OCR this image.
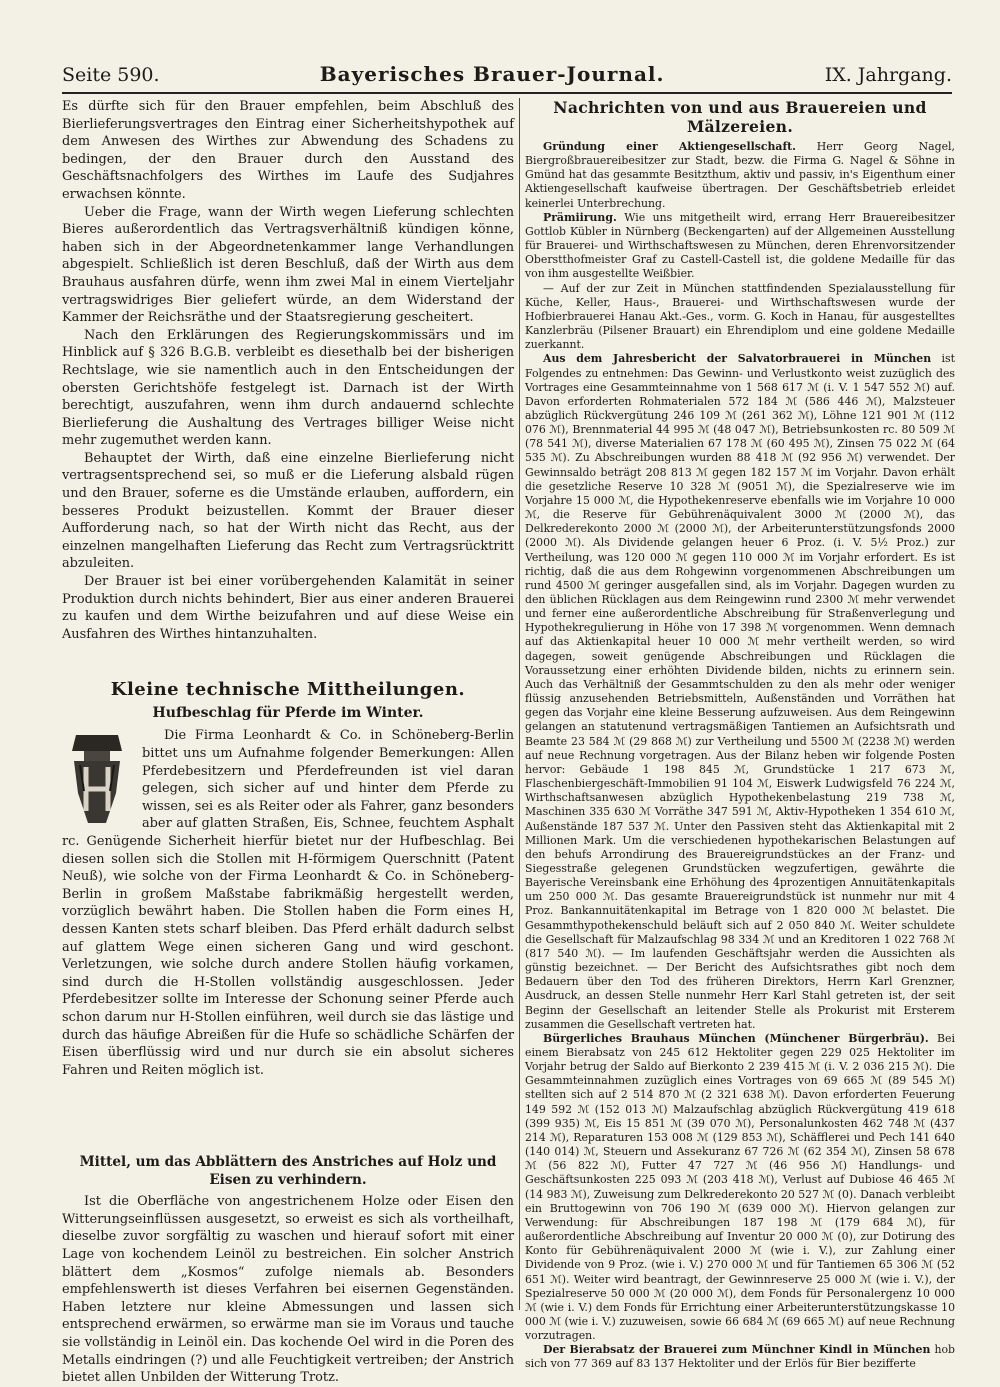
Seite 590.	Bayerisches Brauer-Journal.	IX. Jahrgang.

Es dürfte sich für den Brauer empfehlen, beim Abschluß des Bierlieferungsvertrages den Eintrag einer Sicherheitshypothek auf dem Anwesen des Wirthes zur Abwendung des Schadens zu bedingen, der den Brauer durch den Ausstand des Geschäftsnachfolgers des Wirthes im Laufe des Sudjahres erwachsen könnte.

Ueber die Frage, wann der Wirth wegen Lieferung schlechten Bieres außerordentlich das Vertragsverhältniß kündigen könne, haben sich in der Abgeordnetenkammer lange Verhandlungen abgespielt. Schließlich ist deren Beschluß, daß der Wirth aus dem Brauhaus ausfahren dürfe, wenn ihm zwei Mal in einem Vierteljahr vertragswidriges Bier geliefert würde, an dem Widerstand der Kammer der Reichsräthe und der Staatsregierung gescheitert.

Nach den Erklärungen des Regierungskommissärs und im Hinblick auf § 326 B.G.B. verbleibt es diesethalb bei der bisherigen Rechtslage, wie sie namentlich auch in den Entscheidungen der obersten Gerichtshöfe festgelegt ist. Darnach ist der Wirth berechtigt, auszufahren, wenn ihm durch andauernd schlechte Bierlieferung die Aushaltung des Vertrages billiger Weise nicht mehr zugemuthet werden kann.

Behauptet der Wirth, daß eine einzelne Bierlieferung nicht vertragsentsprechend sei, so muß er die Lieferung alsbald rügen und den Brauer, soferne es die Umstände erlauben, auffordern, ein besseres Produkt beizustellen. Kommt der Brauer dieser Aufforderung nach, so hat der Wirth nicht das Recht, aus der einzelnen mangelhaften Lieferung das Recht zum Vertragsrücktritt abzuleiten.

Der Brauer ist bei einer vorübergehenden Kalamität in seiner Produktion durch nichts behindert, Bier aus einer anderen Brauerei zu kaufen und dem Wirthe beizufahren und auf diese Weise ein Ausfahren des Wirthes hintanzuhalten.

Kleine technische Mittheilungen.
Hufbeschlag für Pferde im Winter.

Die Firma Leonhardt & Co. in Schöneberg-Berlin bittet uns um Aufnahme folgender Bemerkungen: Allen Pferdebesitzern und Pferdefreunden ist viel daran gelegen, sich sicher auf und hinter dem Pferde zu wissen, sei es als Reiter oder als Fahrer, ganz besonders aber auf glatten Straßen, Eis, Schnee, feuchtem Asphalt rc. Genügende Sicherheit hierfür bietet nur der Hufbeschlag. Bei diesen sollen sich die Stollen mit H-förmigem Querschnitt (Patent Neuß), wie solche von der Firma Leonhardt & Co. in Schöneberg-Berlin in großem Maßstabe fabrikmäßig hergestellt werden, vorzüglich bewährt haben. Die Stollen haben die Form eines H, dessen Kanten stets scharf bleiben. Das Pferd erhält dadurch selbst auf glattem Wege einen sicheren Gang und wird geschont. Verletzungen, wie solche durch andere Stollen häufig vorkamen, sind durch die H-Stollen vollständig ausgeschlossen. Jeder Pferdebesitzer sollte im Interesse der Schonung seiner Pferde auch schon darum nur H-Stollen einführen, weil durch sie das lästige und durch das häufige Abreißen für die Hufe so schädliche Schärfen der Eisen überflüssig wird und nur durch sie ein absolut sicheres Fahren und Reiten möglich ist.

Mittel, um das Abblättern des Anstriches auf Holz und Eisen zu verhindern.

Ist die Oberfläche von angestrichenem Holze oder Eisen den Witterungseinflüssen ausgesetzt, so erweist es sich als vortheilhaft, dieselbe zuvor sorgfältig zu waschen und hierauf sofort mit einer Lage von kochendem Leinöl zu bestreichen. Ein solcher Anstrich blättert dem „Kosmos“ zufolge niemals ab. Besonders empfehlenswerth ist dieses Verfahren bei eisernen Gegenständen. Haben letztere nur kleine Abmessungen und lassen sich entsprechend erwärmen, so erwärme man sie im Voraus und tauche sie vollständig in Leinöl ein. Das kochende Oel wird in die Poren des Metalls eindringen (?) und alle Feuchtigkeit vertreiben; der Anstrich bietet allen Unbilden der Witterung Trotz.

Nachrichten von und aus Brauereien und Mälzereien.

Gründung einer Aktiengesellschaft. Herr Georg Nagel, Biergroßbrauereibesitzer zur Stadt, bezw. die Firma G. Nagel & Söhne in Gmünd hat das gesammte Besitzthum, aktiv und passiv, in's Eigenthum einer Aktiengesellschaft kaufweise übertragen. Der Geschäftsbetrieb erleidet keinerlei Unterbrechung.

Prämiirung. Wie uns mitgetheilt wird, errang Herr Brauereibesitzer Gottlob Kübler in Nürnberg (Beckengarten) auf der Allgemeinen Ausstellung für Brauerei- und Wirthschaftswesen zu München, deren Ehrenvorsitzender Oberstthofmeister Graf zu Castell-Castell ist, die goldene Medaille für das von ihm ausgestellte Weißbier.

— Auf der zur Zeit in München stattfindenden Spezialausstellung für Küche, Keller, Haus-, Brauerei- und Wirthschaftswesen wurde der Hofbierbrauerei Hanau Akt.-Ges., vorm. G. Koch in Hanau, für ausgestelltes Kanzlerbräu (Pilsener Brauart) ein Ehrendiplom und eine goldene Medaille zuerkannt.

Aus dem Jahresbericht der Salvatorbrauerei in München ist Folgendes zu entnehmen: Das Gewinn- und Verlustkonto weist zuzüglich des Vortrages eine Gesammteinnahme von 1 568 617 ℳ (i. V. 1 547 552 ℳ) auf. Davon erforderten Rohmaterialen 572 184 ℳ (586 446 ℳ), Malzsteuer abzüglich Rückvergütung 246 109 ℳ (261 362 ℳ), Löhne 121 901 ℳ (112 076 ℳ), Brennmaterial 44 995 ℳ (48 047 ℳ), Betriebsunkosten rc. 80 509 ℳ (78 541 ℳ), diverse Materialien 67 178 ℳ (60 495 ℳ), Zinsen 75 022 ℳ (64 535 ℳ). Zu Abschreibungen wurden 88 418 ℳ (92 956 ℳ) verwendet. Der Gewinnsaldo beträgt 208 813 ℳ gegen 182 157 ℳ im Vorjahr. Davon erhält die gesetzliche Reserve 10 328 ℳ (9051 ℳ), die Spezialreserve wie im Vorjahre 15 000 ℳ, die Hypothekenreserve ebenfalls wie im Vorjahre 10 000 ℳ, die Reserve für Gebührenäquivalent 3000 ℳ (2000 ℳ), das Delkrederekonto 2000 ℳ (2000 ℳ), der Arbeiterunterstützungsfonds 2000 (2000 ℳ). Als Dividende gelangen heuer 6 Proz. (i. V. 5½ Proz.) zur Vertheilung, was 120 000 ℳ gegen 110 000 ℳ im Vorjahr erfordert. Es ist richtig, daß die aus dem Rohgewinn vorgenommenen Abschreibungen um rund 4500 ℳ geringer ausgefallen sind, als im Vorjahr. Dagegen wurden zu den üblichen Rücklagen aus dem Reingewinn rund 2300 ℳ mehr verwendet und ferner eine außerordentliche Abschreibung für Straßenverlegung und Hypothekregulierung in Höhe von 17 398 ℳ vorgenommen. Wenn demnach auf das Aktienkapital heuer 10 000 ℳ mehr vertheilt werden, so wird dagegen, soweit genügende Abschreibungen und Rücklagen die Voraussetzung einer erhöhten Dividende bilden, nichts zu erinnern sein. Auch das Verhältniß der Gesammtschulden zu den als mehr oder weniger flüssig anzusehenden Betriebsmitteln, Außenständen und Vorräthen hat gegen das Vorjahr eine kleine Besserung aufzuweisen. Aus dem Reingewinn gelangen an statutenund vertragsmäßigen Tantiemen an Aufsichtsrath und Beamte 23 584 ℳ (29 868 ℳ) zur Vertheilung und 5500 ℳ (2238 ℳ) werden auf neue Rechnung vorgetragen. Aus der Bilanz heben wir folgende Posten hervor: Gebäude 1 198 845 ℳ, Grundstücke 1 217 673 ℳ, Flaschenbiergeschäft-Immobilien 91 104 ℳ, Eiswerk Ludwigsfeld 76 224 ℳ, Wirthschaftsanwesen abzüglich Hypothekenbelastung 219 738 ℳ, Maschinen 335 630 ℳ Vorräthe 347 591 ℳ, Aktiv-Hypotheken 1 354 610 ℳ, Außenstände 187 537 ℳ. Unter den Passiven steht das Aktienkapital mit 2 Millionen Mark. Um die verschiedenen hypothekarischen Belastungen auf den behufs Arrondirung des Brauereigrundstückes an der Franz- und Siegesstraße gelegenen Grundstücken wegzufertigen, gewährte die Bayerische Vereinsbank eine Erhöhung des 4prozentigen Annuitätenkapitals um 250 000 ℳ. Das gesamte Brauereigrundstück ist nunmehr nur mit 4 Proz. Bankannuitätenkapital im Betrage von 1 820 000 ℳ belastet. Die Gesammthypothekenschuld beläuft sich auf 2 050 840 ℳ. Weiter schuldete die Gesellschaft für Malzaufschlag 98 334 ℳ und an Kreditoren 1 022 768 ℳ (817 540 ℳ). — Im laufenden Geschäftsjahr werden die Aussichten als günstig bezeichnet. — Der Bericht des Aufsichtsrathes gibt noch dem Bedauern über den Tod des früheren Direktors, Herrn Karl Grenzner, Ausdruck, an dessen Stelle nunmehr Herr Karl Stahl getreten ist, der seit Beginn der Gesellschaft an leitender Stelle als Prokurist mit Ersterem zusammen die Gesellschaft vertreten hat.

Bürgerliches Brauhaus München (Münchener Bürgerbräu). Bei einem Bierabsatz von 245 612 Hektoliter gegen 229 025 Hektoliter im Vorjahr betrug der Saldo auf Bierkonto 2 239 415 ℳ (i. V. 2 036 215 ℳ). Die Gesammteinnahmen zuzüglich eines Vortrages von 69 665 ℳ (89 545 ℳ) stellten sich auf 2 514 870 ℳ (2 321 638 ℳ). Davon erforderten Feuerung 149 592 ℳ (152 013 ℳ) Malzaufschlag abzüglich Rückvergütung 419 618 (399 935) ℳ, Eis 15 851 ℳ (39 070 ℳ), Personalunkosten 462 748 ℳ (437 214 ℳ), Reparaturen 153 008 ℳ (129 853 ℳ), Schäfflerei und Pech 141 640 (140 014) ℳ, Steuern und Assekuranz 67 726 ℳ (62 354 ℳ), Zinsen 58 678 ℳ (56 822 ℳ), Futter 47 727 ℳ (46 956 ℳ) Handlungs- und Geschäftsunkosten 225 093 ℳ (203 418 ℳ), Verlust auf Dubiose 46 465 ℳ (14 983 ℳ), Zuweisung zum Delkrederekonto 20 527 ℳ (0). Danach verbleibt ein Bruttogewinn von 706 190 ℳ (639 000 ℳ). Hiervon gelangen zur Verwendung: für Abschreibungen 187 198 ℳ (179 684 ℳ), für außerordentliche Abschreibung auf Inventur 20 000 ℳ (0), zur Dotirung des Konto für Gebührenäquivalent 2000 ℳ (wie i. V.), zur Zahlung einer Dividende von 9 Proz. (wie i. V.) 270 000 ℳ und für Tantiemen 65 306 ℳ (52 651 ℳ). Weiter wird beantragt, der Gewinnreserve 25 000 ℳ (wie i. V.), der Spezialreserve 50 000 ℳ (20 000 ℳ), dem Fonds für Personalergenz 10 000 ℳ (wie i. V.) dem Fonds für Errichtung einer Arbeiterunterstützungskasse 10 000 ℳ (wie i. V.) zuzuweisen, sowie 66 684 ℳ (69 665 ℳ) auf neue Rechnung vorzutragen.

Der Bierabsatz der Brauerei zum Münchner Kindl in München hob sich von 77 369 auf 83 137 Hektoliter und der Erlös für Bier bezifferte
